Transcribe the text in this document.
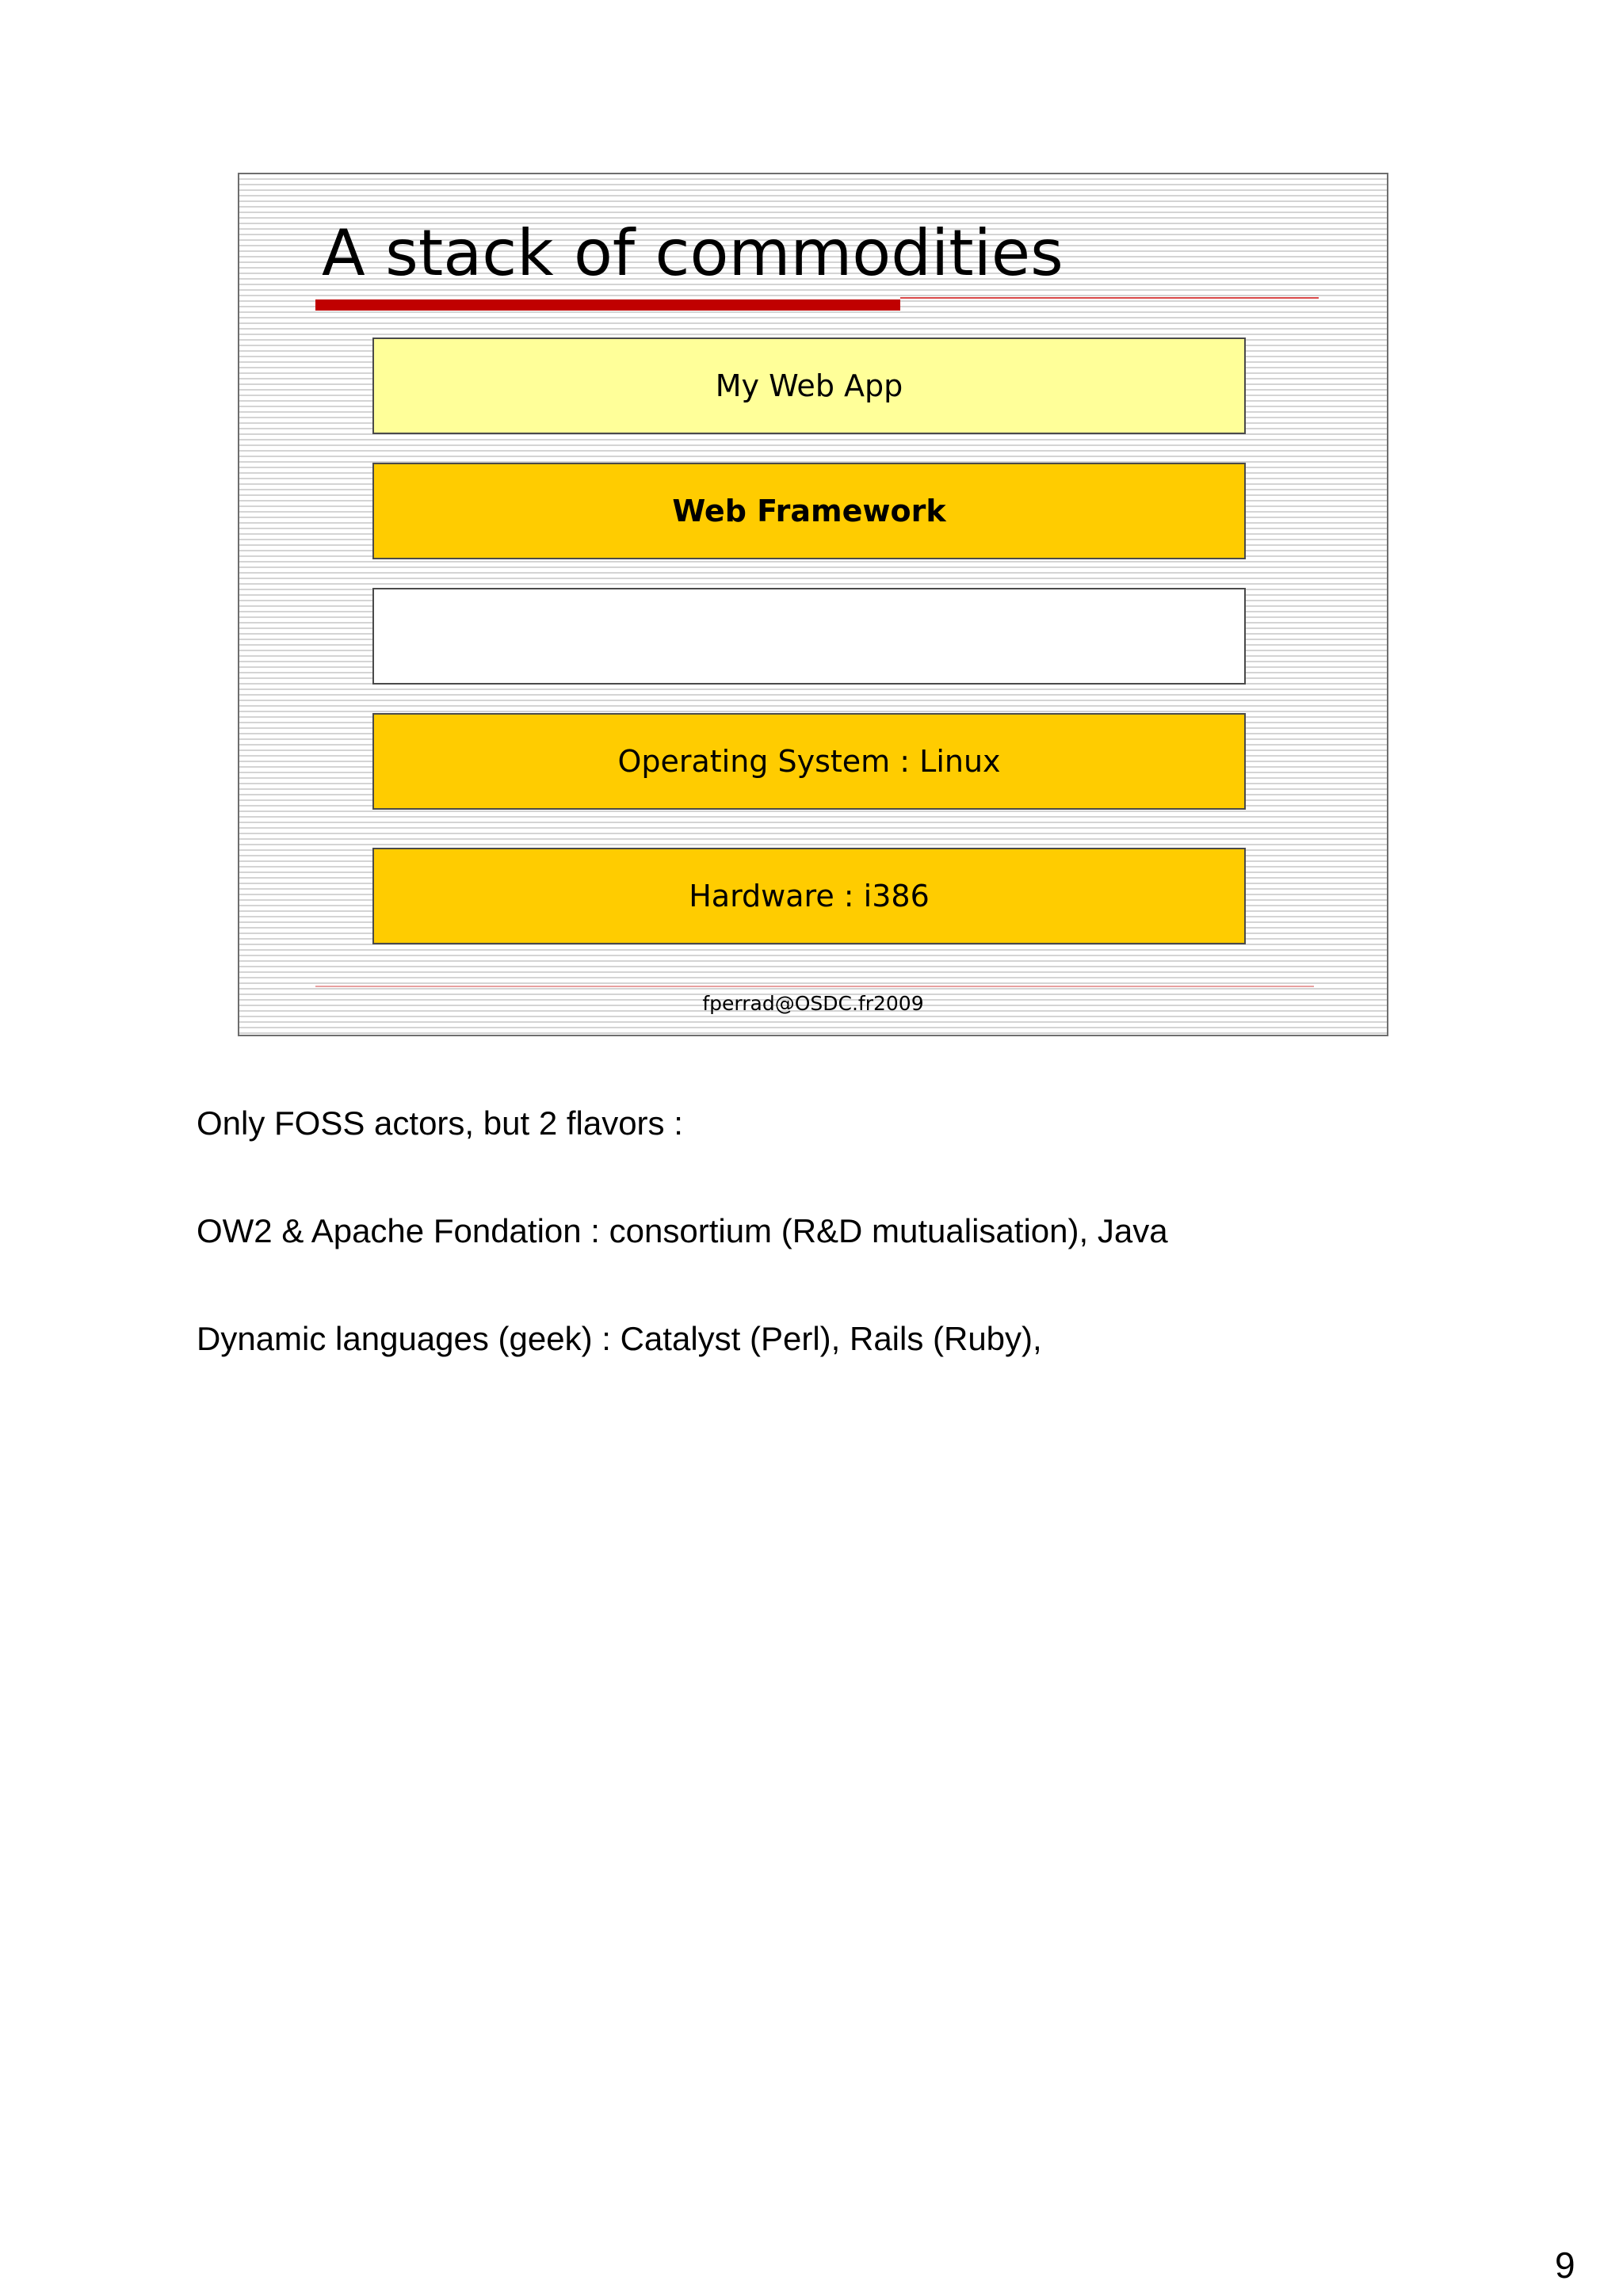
A stack of commodities
My Web App
Web Framework
Operating System : Linux
Hardware : i386
fperrad@OSDC.fr2009

Only FOSS actors, but 2 flavors :

OW2 & Apache Fondation : consortium (R&D mutualisation), Java

Dynamic languages (geek) : Catalyst (Perl), Rails (Ruby),

9
